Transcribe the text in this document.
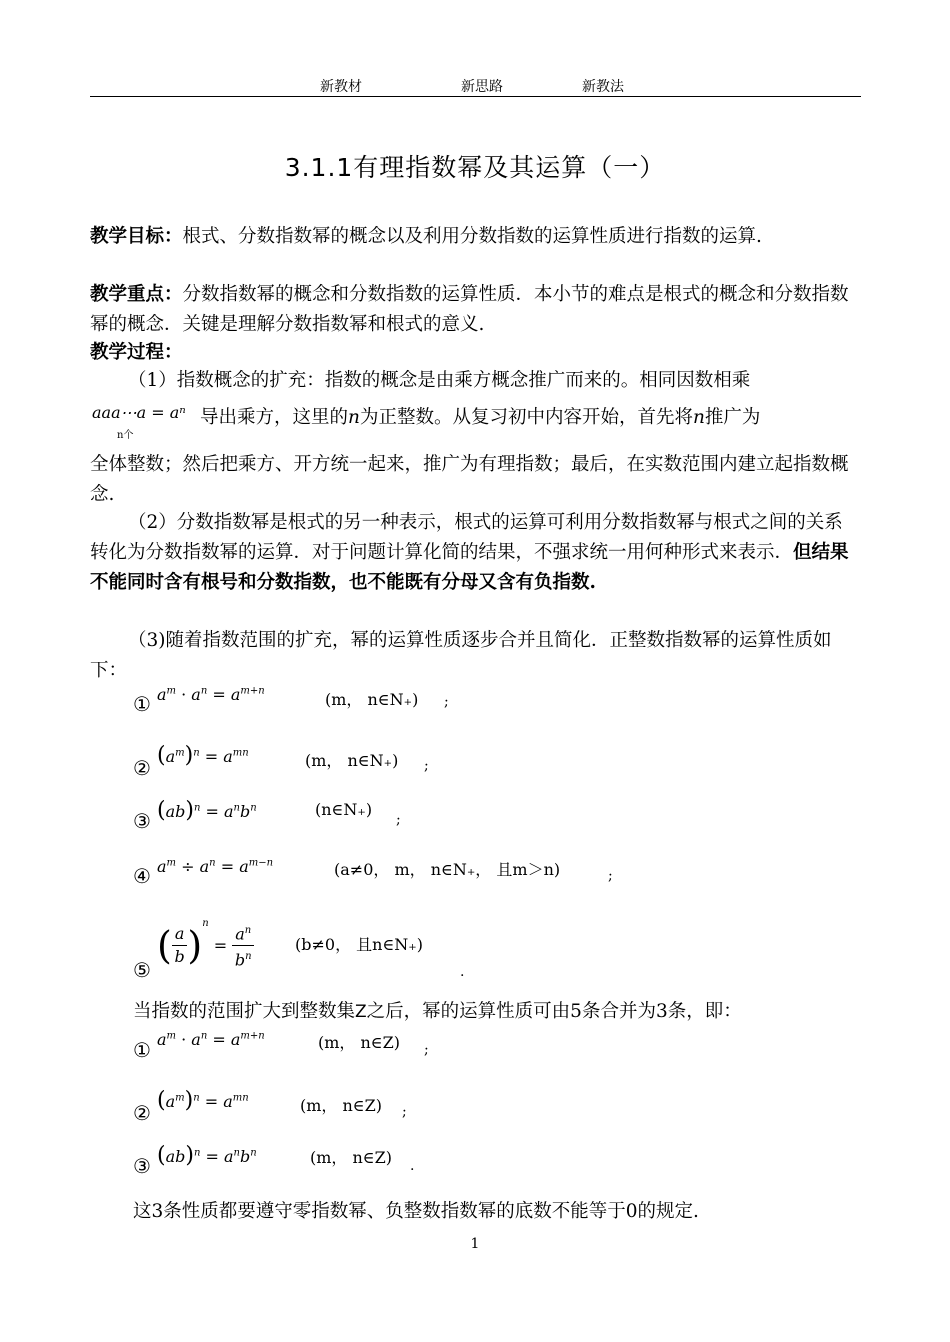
新教材	新思路	新教法
3.1.1有理指数幂及其运算（一）

教学目标：根式、分数指数幂的概念以及利用分数指数的运算性质进行指数的运算.

教学重点：分数指数幂的概念和分数指数的运算性质．本小节的难点是根式的概念和分数指数幂的概念．关键是理解分数指数幂和根式的意义.

教学过程：

（1）指数概念的扩充：指数的概念是由乘方概念推广而来的。相同因数相乘

aaa⋯a = aⁿ
n个

导出乘方，这里的n为正整数。从复习初中内容开始，首先将n推广为

全体整数；然后把乘方、开方统一起来，推广为有理指数；最后，在实数范围内建立起指数概念.

（2）分数指数幂是根式的另一种表示，根式的运算可利用分数指数幂与根式之间的关系转化为分数指数幂的运算．对于问题计算化简的结果，不强求统一用何种形式来表示．但结果不能同时含有根号和分数指数，也不能既有分母又含有负指数.

（3)随着指数范围的扩充，幂的运算性质逐步合并且简化．正整数指数幂的运算性质如下：

① $a^m \cdot a^n = a^{m+n}$	(m， n∈N₊) ;
② $(a^m)^n = a^{mn}$	(m， n∈N₊) ;
③ $(ab)^n = a^nb^n$	(n∈N₊)
;
④ $a^m \div a^n = a^{m-n}$	(a≠0， m， n∈N₊， 且m＞n)	;
⑤
( $\frac{a}{b} )^n = \frac{a^n}{b^n}$	(b≠0， 且n∈N₊)
.

当指数的范围扩大到整数集Z之后，幂的运算性质可由5条合并为3条，即：

① $a^m \cdot a^n = a^{m+n}$	(m， n∈Z) ;
② $(a^m)^n = a^{mn}$	(m， n∈Z) ;
③ $(ab)^n = a^nb^n$	(m， n∈Z) .

这3条性质都要遵守零指数幂、负整数指数幂的底数不能等于0的规定.

1
